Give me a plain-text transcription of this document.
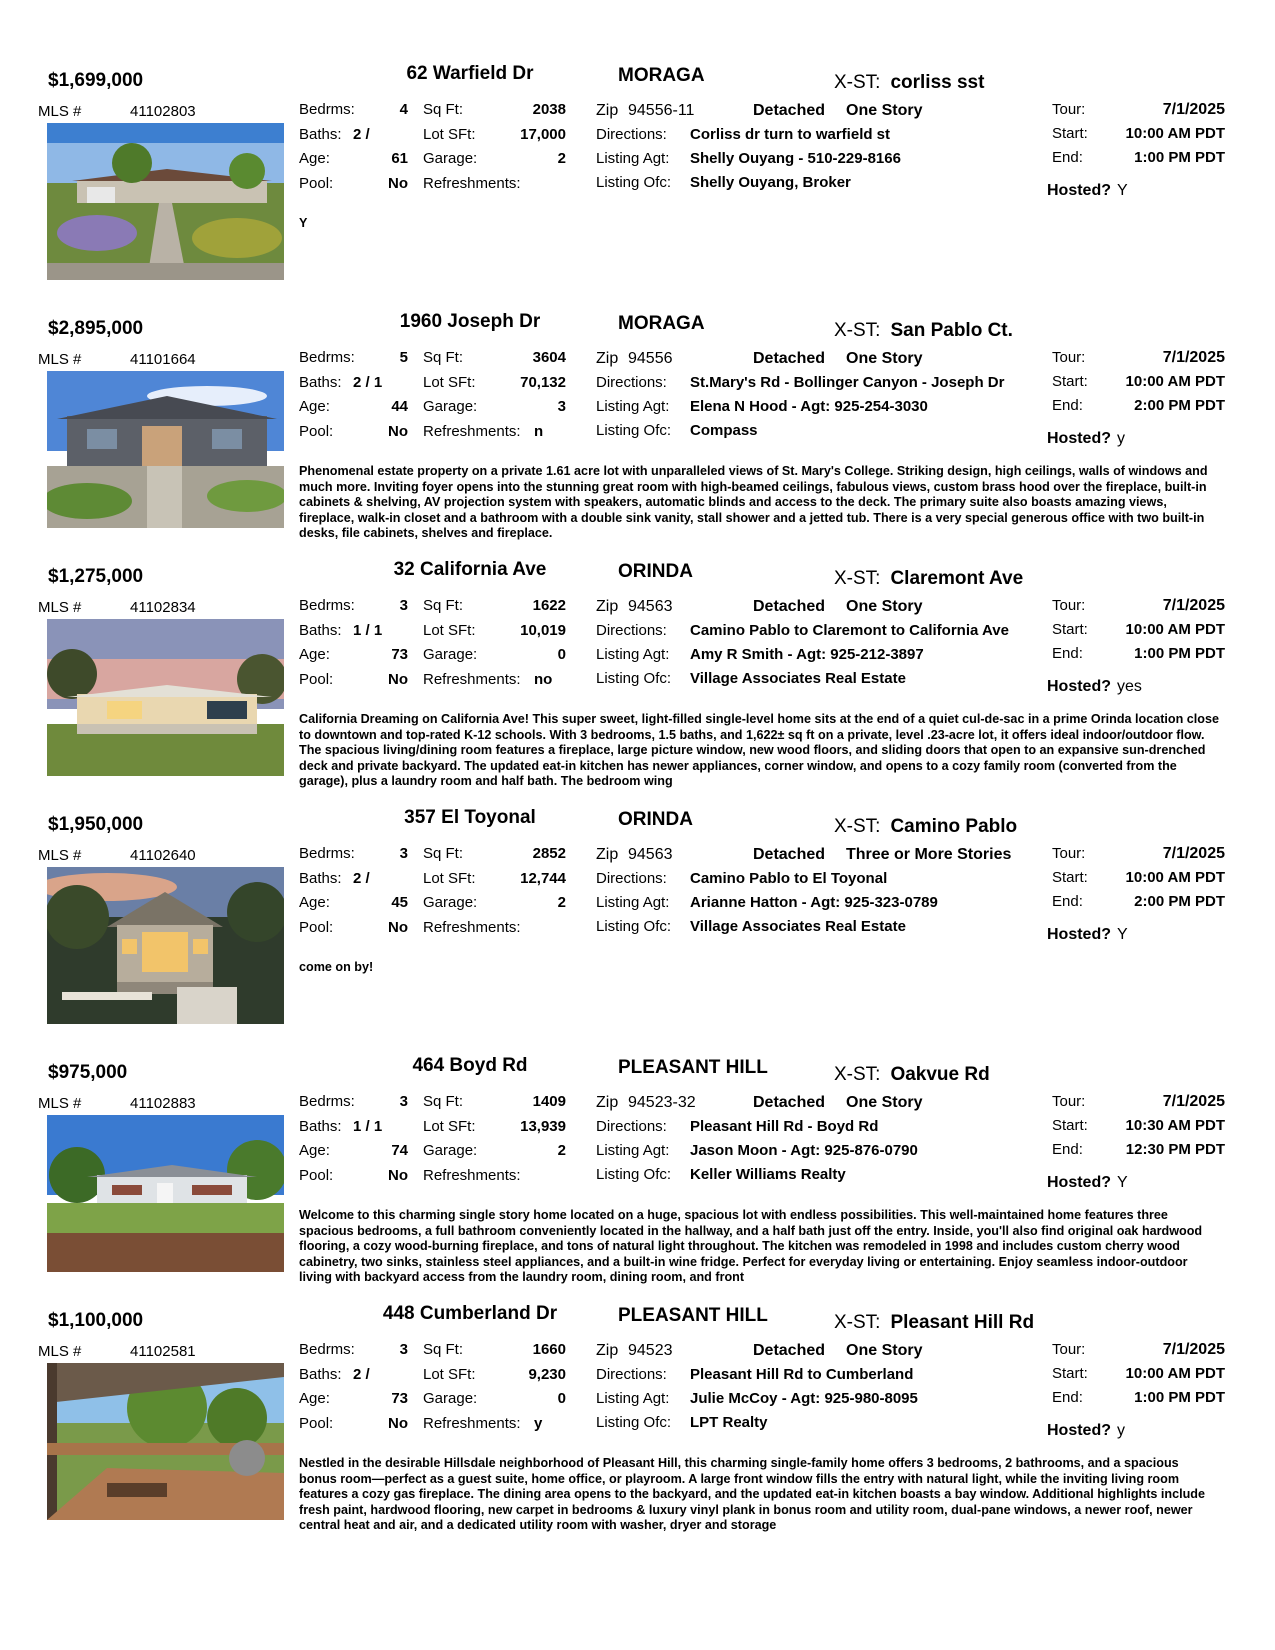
$1,699,000	62 Warfield Dr	MORAGA	X-ST: corliss sst
MLS #	41102803	Bedrms:	4 Sq Ft:	2038
Baths: 2 /	Lot SFt:	17,000
Age:	61 Garage:	2
Pool:	No Refreshments:
Zip 94556-11	Detached One Story
Directions: Corliss dr turn to warfield st
Listing Agt: Shelly Ouyang - 510-229-8166
Listing Ofc: Shelly Ouyang, Broker
Tour:	7/1/2025
Start:	10:00 AM PDT
End:	1:00 PM PDT
Hosted? Y
Y
$2,895,000	1960 Joseph Dr	MORAGA	X-ST: San Pablo Ct.
MLS #	41101664	Bedrms:	5 Sq Ft:	3604
Baths: 2 / 1	Lot SFt:	70,132
Age:	44 Garage:	3
Pool:	No Refreshments: n
Zip 94556	Detached One Story
Directions: St.Mary's Rd - Bollinger Canyon - Joseph Dr
Listing Agt: Elena N Hood - Agt: 925-254-3030
Listing Ofc: Compass
Tour:	7/1/2025
Start:	10:00 AM PDT
End:	2:00 PM PDT
Hosted? y
Phenomenal estate property on a private 1.61 acre lot with unparalleled views of St. Mary's College. Striking design, high ceilings, walls of windows and much more. Inviting foyer opens into the stunning great room with high-beamed ceilings, fabulous views, custom brass hood over the fireplace, built-in cabinets & shelving, AV projection system with speakers, automatic blinds and access to the deck. The primary suite also boasts amazing views, fireplace, walk-in closet and a bathroom with a double sink vanity, stall shower and a jetted tub. There is a very special generous office with two built-in desks, file cabinets, shelves and fireplace.
$1,275,000	32 California Ave	ORINDA	X-ST: Claremont Ave
MLS #	41102834	Bedrms:	3 Sq Ft:	1622
Baths: 1 / 1	Lot SFt:	10,019
Age:	73 Garage:	0
Pool:	No Refreshments: no
Zip 94563	Detached One Story
Directions: Camino Pablo to Claremont to California Ave
Listing Agt: Amy R Smith - Agt: 925-212-3897
Listing Ofc: Village Associates Real Estate
Tour:	7/1/2025
Start:	10:00 AM PDT
End:	1:00 PM PDT
Hosted? yes
California Dreaming on California Ave! This super sweet, light-filled single-level home sits at the end of a quiet cul-de-sac in a prime Orinda location close to downtown and top-rated K-12 schools. With 3 bedrooms, 1.5 baths, and 1,622± sq ft on a private, level .23-acre lot, it offers ideal indoor/outdoor flow. The spacious living/dining room features a fireplace, large picture window, new wood floors, and sliding doors that open to an expansive sun-drenched deck and private backyard. The updated eat-in kitchen has newer appliances, corner window, and opens to a cozy family room (converted from the garage), plus a laundry room and half bath. The bedroom wing
$1,950,000	357 El Toyonal	ORINDA	X-ST: Camino Pablo
MLS #	41102640	Bedrms:	3 Sq Ft:	2852
Baths: 2 /	Lot SFt:	12,744
Age:	45 Garage:	2
Pool:	No Refreshments:
Zip 94563	Detached Three or More Stories
Directions: Camino Pablo to El Toyonal
Listing Agt: Arianne Hatton - Agt: 925-323-0789
Listing Ofc: Village Associates Real Estate
Tour:	7/1/2025
Start:	10:00 AM PDT
End:	2:00 PM PDT
Hosted? Y
come on by!
$975,000	464 Boyd Rd	PLEASANT HILL	X-ST: Oakvue Rd
MLS #	41102883	Bedrms:	3 Sq Ft:	1409
Baths: 1 / 1	Lot SFt:	13,939
Age:	74 Garage:	2
Pool:	No Refreshments:
Zip 94523-32	Detached One Story
Directions: Pleasant Hill Rd - Boyd Rd
Listing Agt: Jason Moon - Agt: 925-876-0790
Listing Ofc: Keller Williams Realty
Tour:	7/1/2025
Start:	10:30 AM PDT
End:	12:30 PM PDT
Hosted? Y
Welcome to this charming single story home located on a huge, spacious lot with endless possibilities. This well-maintained home features three spacious bedrooms, a full bathroom conveniently located in the hallway, and a half bath just off the entry. Inside, you'll also find original oak hardwood flooring, a cozy wood-burning fireplace, and tons of natural light throughout. The kitchen was remodeled in 1998 and includes custom cherry wood cabinetry, two sinks, stainless steel appliances, and a built-in wine fridge. Perfect for everyday living or entertaining. Enjoy seamless indoor-outdoor living with backyard access from the laundry room, dining room, and front
$1,100,000	448 Cumberland Dr	PLEASANT HILL	X-ST: Pleasant Hill Rd
MLS #	41102581	Bedrms:	3 Sq Ft:	1660
Baths: 2 /	Lot SFt:	9,230
Age:	73 Garage:	0
Pool:	No Refreshments: y
Zip 94523	Detached One Story
Directions: Pleasant Hill Rd to Cumberland
Listing Agt: Julie McCoy - Agt: 925-980-8095
Listing Ofc: LPT Realty
Tour:	7/1/2025
Start:	10:00 AM PDT
End:	1:00 PM PDT
Hosted? y
Nestled in the desirable Hillsdale neighborhood of Pleasant Hill, this charming single-family home offers 3 bedrooms, 2 bathrooms, and a spacious bonus room—perfect as a guest suite, home office, or playroom. A large front window fills the entry with natural light, while the inviting living room features a cozy gas fireplace. The dining area opens to the backyard, and the updated eat-in kitchen boasts a bay window. Additional highlights include fresh paint, hardwood flooring, new carpet in bedrooms & luxury vinyl plank in bonus room and utility room, dual-pane windows, a newer roof, newer central heat and air, and a dedicated utility room with washer, dryer and storage
